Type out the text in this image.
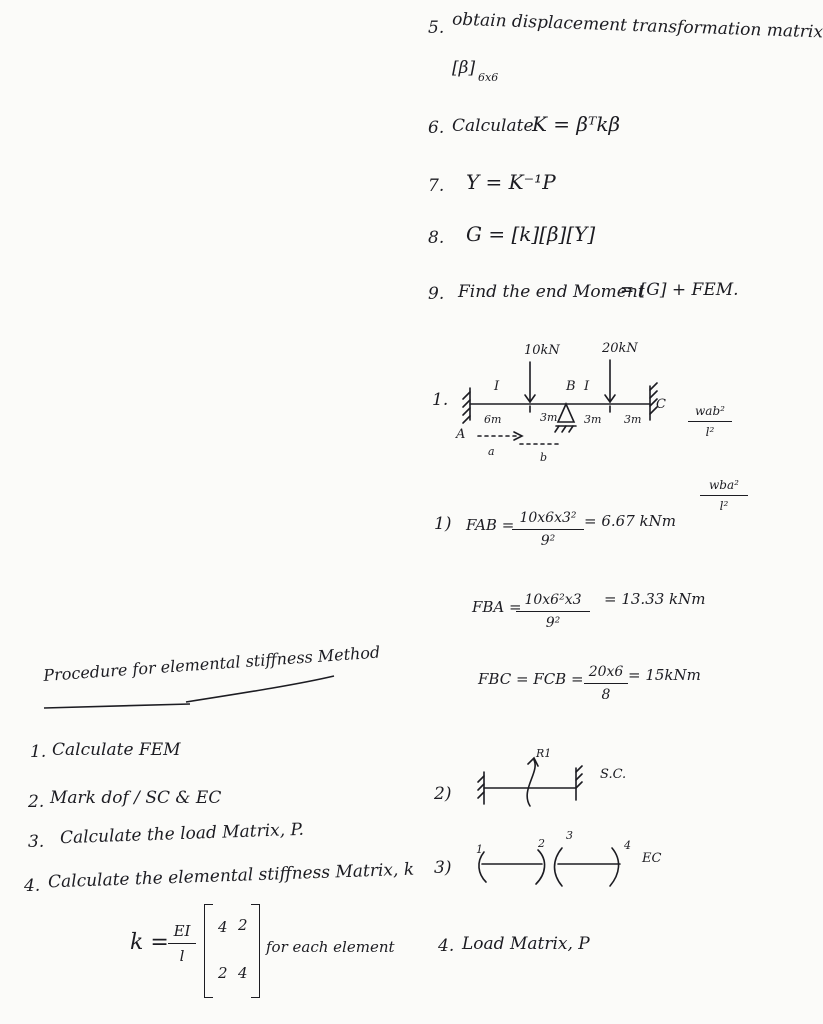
5. obtain displacement transformation matrix
[β] 6x6
6. Calculate
K = βᵀkβ
7. Y = K⁻¹P
8. G = [k][β][Y]
9. Find the end Moment
= [G] + FEM.
1.
10kN	20kN
I	B I
C
A
6m	3m 3m 3m
a	b
wab²
l²
wba²
l²
1) FAB = 10x6x3²
9²
= 6.67 kNm
FBA = 10x6²x3
9²
= 13.33 kNm
FBC = FCB = 20x6
8
= 15kNm
2)
R1
S.C.
3)
1	2
3
4
EC
4. Load Matrix, P
Procedure for elemental stiffness Method
1. Calculate FEM
2. Mark dof / SC & EC
3. Calculate the load Matrix, P.
4. Calculate the elemental stiffness Matrix, k
k = EI
l
4 2
2 4
for each element
